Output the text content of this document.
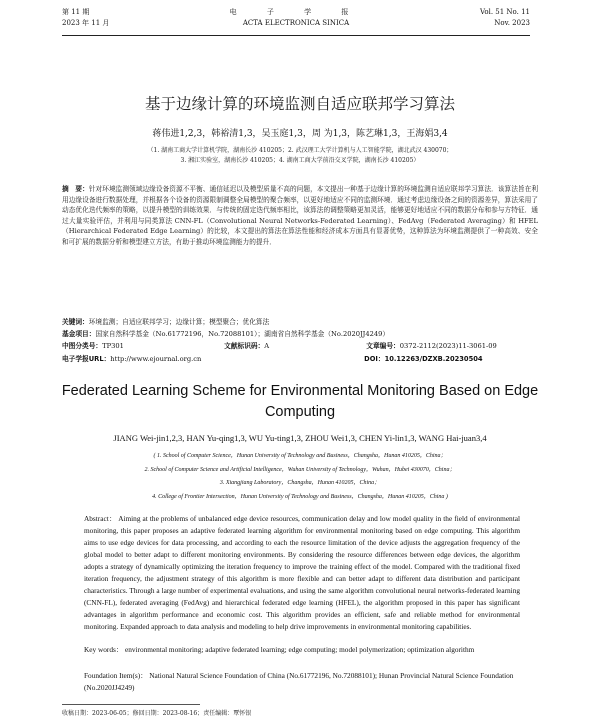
第 11 期
2023 年 11 月
电 子 学 报
ACTA ELECTRONICA SINICA
Vol. 51 No. 11
Nov. 2023
基于边缘计算的环境监测自适应联邦学习算法
蒋伟进1,2,3，韩裕清1,3，吴玉庭1,3，周 为1,3，陈艺琳1,3，王海娟3,4
（1. 湖南工商大学计算机学院，湖南长沙 410205；2. 武汉理工大学计算机与人工智能学院，湖北武汉 430070；
3. 湘江实验室，湖南长沙 410205；4. 湖南工商大学前沿交叉学院，湖南长沙 410205）
摘　要：针对环境监测领域边缘设备资源不平衡、通信延迟以及模型质量不高的问题，本文提出一种基于边缘计算的环境监测自适应联邦学习算法．该算法旨在利用边缘设备进行数据处理，并根据各个设备的资源限制调整全局模型的聚合频率，以更好地适应不同的监测环境．通过考虑边缘设备之间的资源差异，算法采用了动态优化迭代频率的策略，以提升模型的训练效果．与传统的固定迭代频率相比，该算法的调整策略更加灵活，能够更好地适应不同的数据分布和参与方特征．通过大量实验评估，并利用与同类算法 CNN-FL（Convolutional Neural Networks-Federated Learning）、FedAvg（Federated Averaging）和 HFEL（Hierarchical Federated Edge Learning）的比较，本文提出的算法在算法性能和经济成本方面具有显著优势，这种算法为环境监测提供了一种高效、安全和可扩展的数据分析和模型建立方法，有助于推动环境监测能力的提升．
关键词：环境监测；自适应联邦学习；边缘计算；模型聚合；优化算法
基金项目：国家自然科学基金（No.61772196，No.72088101）；湖南省自然科学基金（No.2020JJ4249）
中图分类号：TP301	文献标识码：A	文章编号：0372-2112(2023)11-3061-09
电子学报URL：http://www.ejournal.org.cn	DOI：10.12263/DZXB.20230504
Federated Learning Scheme for Environmental Monitoring Based on Edge Computing
JIANG Wei-jin1,2,3, HAN Yu-qing1,3, WU Yu-ting1,3, ZHOU Wei1,3, CHEN Yi-lin1,3, WANG Hai-juan3,4
( 1. School of Computer Science，Hunan University of Technology and Business，Changsha，Hunan 410205，China；
2. School of Computer Science and Artificial Intelligence，Wuhan University of Technology，Wuhan，Hubei 430070，China；
3. Xiangjiang Laboratory，Changsha，Hunan 410205，China；
4. College of Frontier Intersection，Hunan University of Technology and Business，Changsha，Hunan 410205，China )
Abstract： Aiming at the problems of unbalanced edge device resources, communication delay and low model quality in the field of environmental monitoring, this paper proposes an adaptive federated learning algorithm for environmental monitoring based on edge computing. This algorithm aims to use edge devices for data processing, and according to each the resource limitation of the device adjusts the aggregation frequency of the global model to better adapt to different monitoring environments. By considering the resource differences between edge devices, the algorithm adopts a strategy of dynamically optimizing the iteration frequency to improve the training effect of the model. Compared with the traditional fixed iteration frequency, the adjustment strategy of this algorithm is more flexible and can better adapt to different data distribution and participant characteristics. Through a large number of experimental evaluations, and using the same algorithm convolutional neural networks-federated learning (CNN-FL), federated averaging (FedAvg) and hierarchical federated edge learning (HFEL), the algorithm proposed in this paper has significant advantages in algorithm performance and economic cost. This algorithm provides an efficient, safe and reliable method for environmental monitoring. Expanded approach to data analysis and modeling to help drive improvements in environmental monitoring capabilities.
Key words： environmental monitoring; adaptive federated learning; edge computing; model polymerization; optimization algorithm
Foundation Item(s)： National Natural Science Foundation of China (No.61772196, No.72088101); Hunan Provincial Natural Science Foundation (No.2020JJ4249)
收稿日期：2023-06-05；修回日期：2023-08-16；责任编辑：覃怀银
